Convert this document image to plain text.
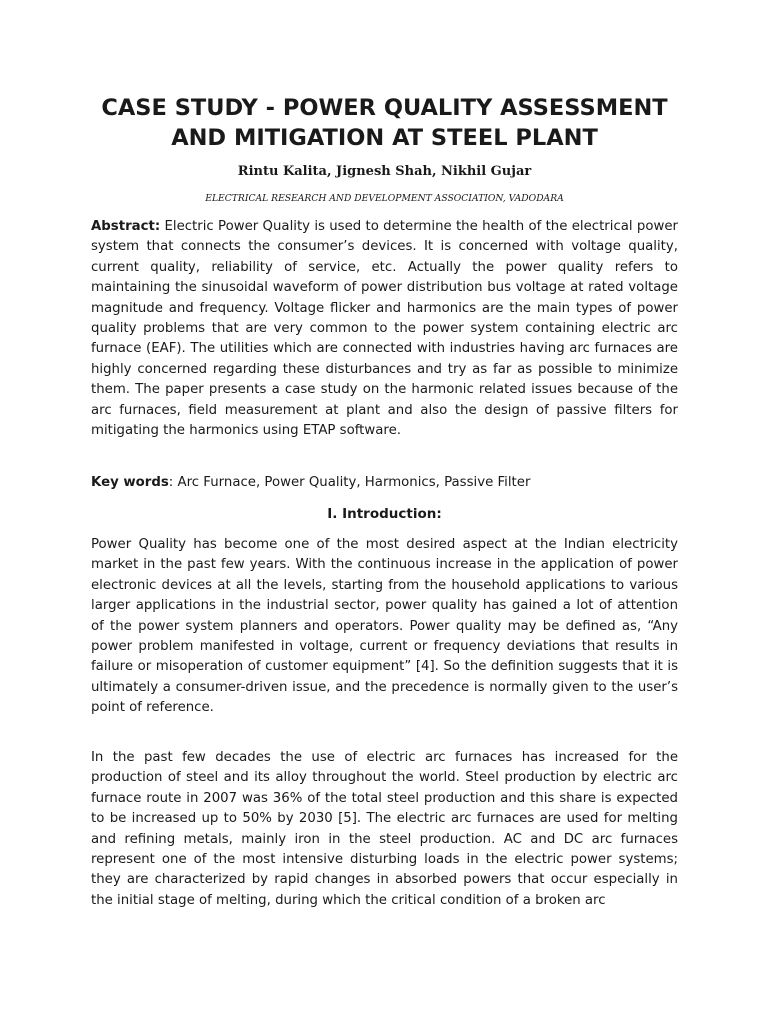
CASE STUDY - POWER QUALITY ASSESSMENT AND MITIGATION AT STEEL PLANT
Rintu Kalita, Jignesh Shah, Nikhil Gujar
ELECTRICAL RESEARCH AND DEVELOPMENT ASSOCIATION, VADODARA

Abstract: Electric Power Quality is used to determine the health of the electrical power system that connects the consumer’s devices. It is concerned with voltage quality, current quality, reliability of service, etc. Actually the power quality refers to maintaining the sinusoidal waveform of power distribution bus voltage at rated voltage magnitude and frequency. Voltage flicker and harmonics are the main types of power quality problems that are very common to the power system containing electric arc furnace (EAF). The utilities which are connected with industries having arc furnaces are highly concerned regarding these disturbances and try as far as possible to minimize them. The paper presents a case study on the harmonic related issues because of the arc furnaces, field measurement at plant and also the design of passive filters for mitigating the harmonics using ETAP software.

Key words: Arc Furnace, Power Quality, Harmonics, Passive Filter

I. Introduction:

Power Quality has become one of the most desired aspect at the Indian electricity market in the past few years. With the continuous increase in the application of power electronic devices at all the levels, starting from the household applications to various larger applications in the industrial sector, power quality has gained a lot of attention of the power system planners and operators. Power quality may be defined as, “Any power problem manifested in voltage, current or frequency deviations that results in failure or misoperation of customer equipment” [4]. So the definition suggests that it is ultimately a consumer-driven issue, and the precedence is normally given to the user’s point of reference.

In the past few decades the use of electric arc furnaces has increased for the production of steel and its alloy throughout the world. Steel production by electric arc furnace route in 2007 was 36% of the total steel production and this share is expected to be increased up to 50% by 2030 [5]. The electric arc furnaces are used for melting and refining metals, mainly iron in the steel production. AC and DC arc furnaces represent one of the most intensive disturbing loads in the electric power systems; they are characterized by rapid changes in absorbed powers that occur especially in the initial stage of melting, during which the critical condition of a broken arc
